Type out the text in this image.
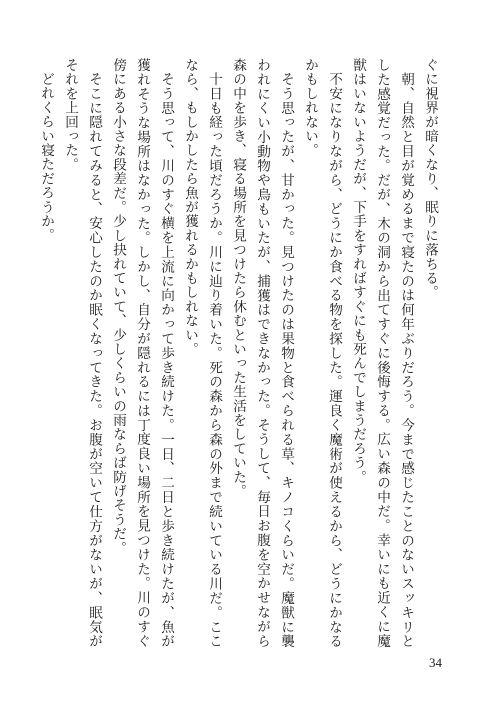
ぐに視界が暗くなり、眠りに落ちる。

朝、自然と目が覚めるまで寝たのは何年ぶりだろう。今まで感じたことのないスッキリとした感覚だった。だが、木の洞から出てすぐに後悔する。広い森の中だ。幸いにも近くに魔獣はいないようだが、下手をすればすぐにも死んでしまうだろう。

不安になりながら、どうにか食べる物を探した。運良く魔術が使えるから、どうにかなるかもしれない。

そう思ったが、甘かった。見つけたのは果物と食べられる草、キノコくらいだ。魔獣に襲われにくい小動物や鳥もいたが、捕獲はできなかった。そうして、毎日お腹を空かせながら森の中を歩き、寝る場所を見つけたら休むといった生活をしていた。

十日も経った頃だろうか。川に辿り着いた。死の森から森の外まで続いている川だ。ここなら、もしかしたら魚が獲れるかもしれない。

そう思って、川のすぐ横を上流に向かって歩き続けた。一日、二日と歩き続けたが、魚が獲れそうな場所はなかった。しかし、自分が隠れるには丁度良い場所を見つけた。川のすぐ傍にある小さな段差だ。少し抉れていて、少しくらいの雨ならば防げそうだ。

そこに隠れてみると、安心したのか眠くなってきた。お腹が空いて仕方がないが、眠気がそれを上回った。

どれくらい寝ただろうか。

34
